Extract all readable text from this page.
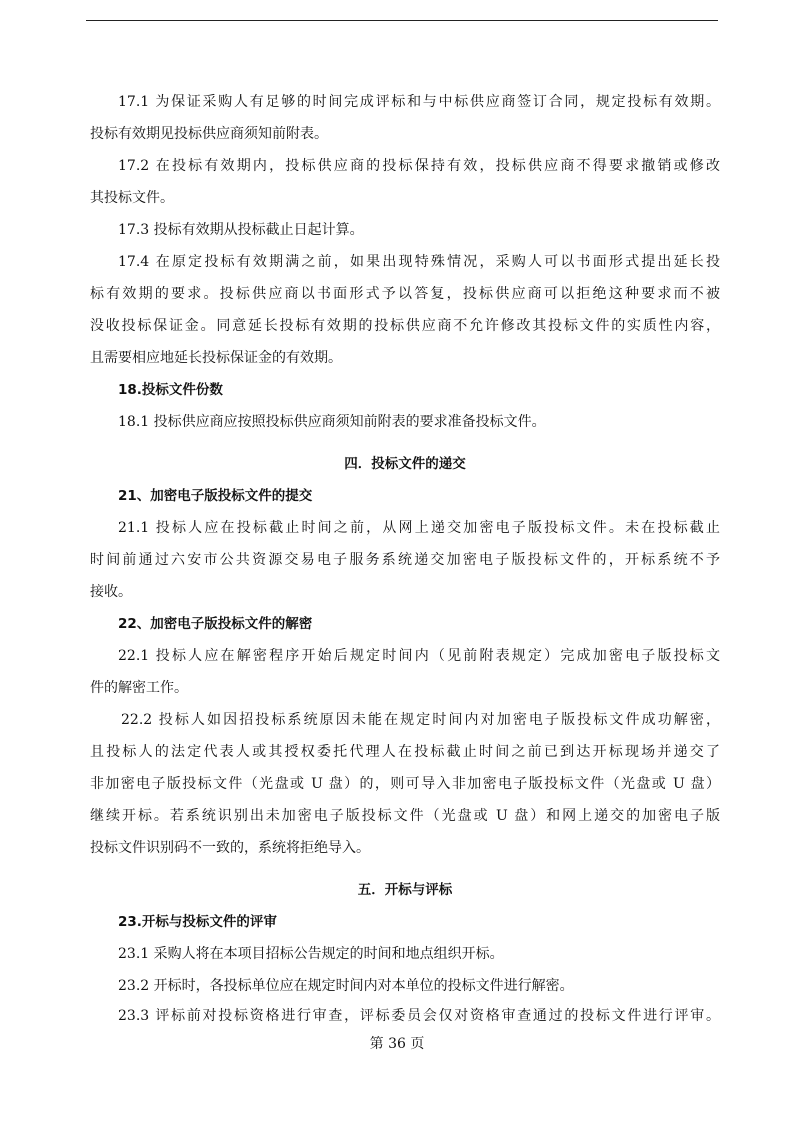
17.1 为保证采购人有足够的时间完成评标和与中标供应商签订合同，规定投标有效期。
投标有效期见投标供应商须知前附表。
17.2 在投标有效期内，投标供应商的投标保持有效，投标供应商不得要求撤销或修改
其投标文件。
17.3 投标有效期从投标截止日起计算。
17.4 在原定投标有效期满之前，如果出现特殊情况，采购人可以书面形式提出延长投
标有效期的要求。投标供应商以书面形式予以答复，投标供应商可以拒绝这种要求而不被
没收投标保证金。同意延长投标有效期的投标供应商不允许修改其投标文件的实质性内容，
且需要相应地延长投标保证金的有效期。
18.投标文件份数
18.1 投标供应商应按照投标供应商须知前附表的要求准备投标文件。
四．投标文件的递交
21、加密电子版投标文件的提交
21.1 投标人应在投标截止时间之前，从网上递交加密电子版投标文件。未在投标截止
时间前通过六安市公共资源交易电子服务系统递交加密电子版投标文件的，开标系统不予
接收。
22、加密电子版投标文件的解密
22.1 投标人应在解密程序开始后规定时间内（见前附表规定）完成加密电子版投标文
件的解密工作。
22.2 投标人如因招投标系统原因未能在规定时间内对加密电子版投标文件成功解密，
且投标人的法定代表人或其授权委托代理人在投标截止时间之前已到达开标现场并递交了
非加密电子版投标文件（光盘或 U 盘）的，则可导入非加密电子版投标文件（光盘或 U 盘）
继续开标。若系统识别出未加密电子版投标文件（光盘或 U 盘）和网上递交的加密电子版
投标文件识别码不一致的，系统将拒绝导入。
五．开标与评标
23.开标与投标文件的评审
23.1 采购人将在本项目招标公告规定的时间和地点组织开标。
23.2 开标时，各投标单位应在规定时间内对本单位的投标文件进行解密。
23.3 评标前对投标资格进行审查，评标委员会仅对资格审查通过的投标文件进行评审。
第 36 页
